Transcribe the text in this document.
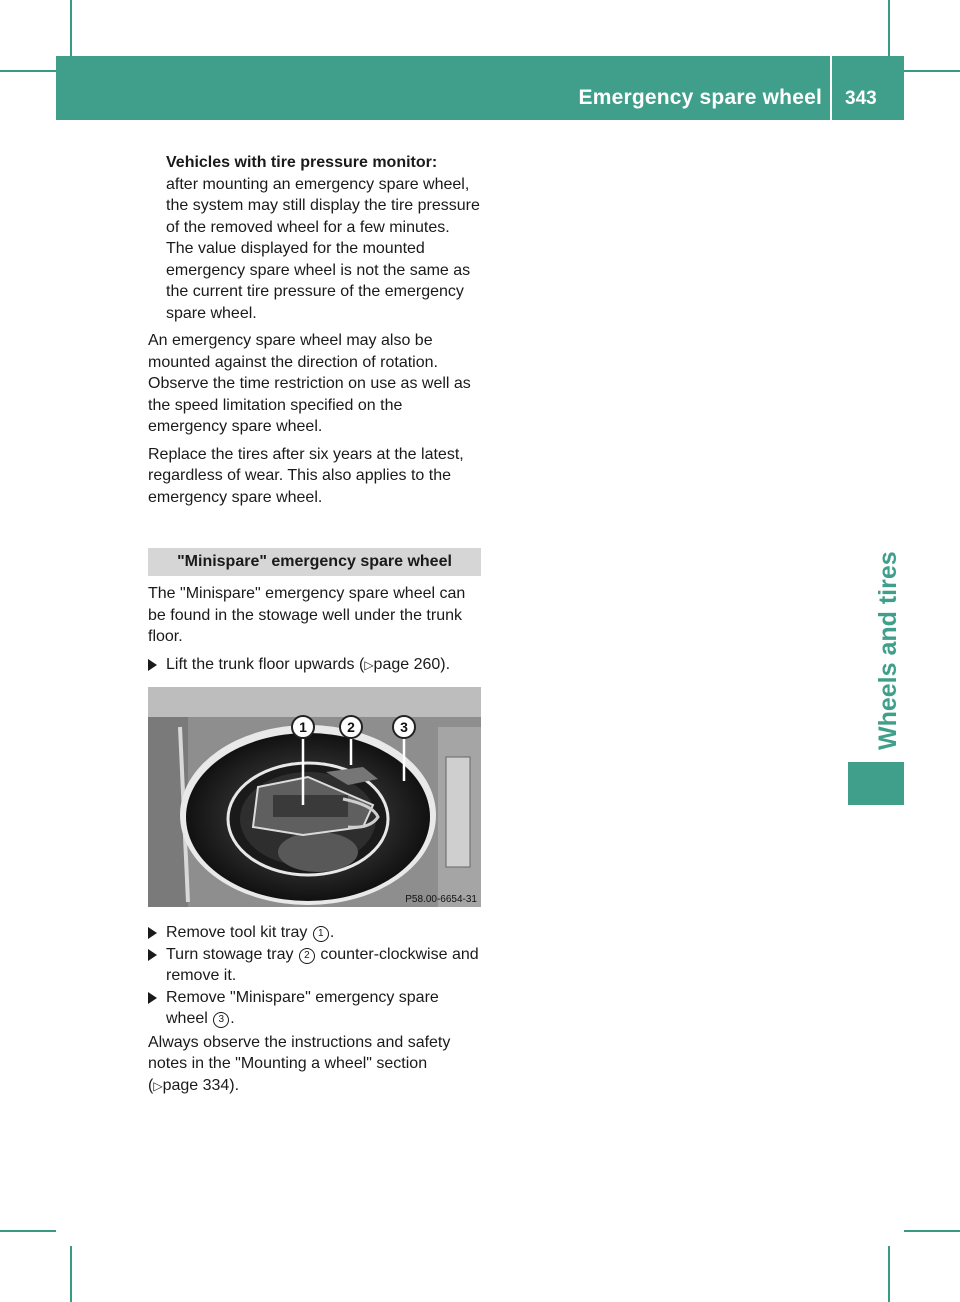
Emergency spare wheel 343
Wheels and tires

Vehicles with tire pressure monitor:

after mounting an emergency spare wheel, the system may still display the tire pressure of the removed wheel for a few minutes. The value displayed for the mounted emergency spare wheel is not the same as the current tire pressure of the emergency spare wheel.

An emergency spare wheel may also be mounted against the direction of rotation. Observe the time restriction on use as well as the speed limitation specified on the emergency spare wheel.

Replace the tires after six years at the latest, regardless of wear. This also applies to the emergency spare wheel.

"Minispare" emergency spare wheel

The "Minispare" emergency spare wheel can be found in the stowage well under the trunk floor.

Lift the trunk floor upwards (▷page 260).

1	2	3
P58.00-6654-31

Remove tool kit tray 1 .

Turn stowage tray 2 counter-clockwise and remove it.

Remove "Minispare" emergency spare wheel 3 .

Always observe the instructions and safety notes in the "Mounting a wheel" section (▷page 334).
